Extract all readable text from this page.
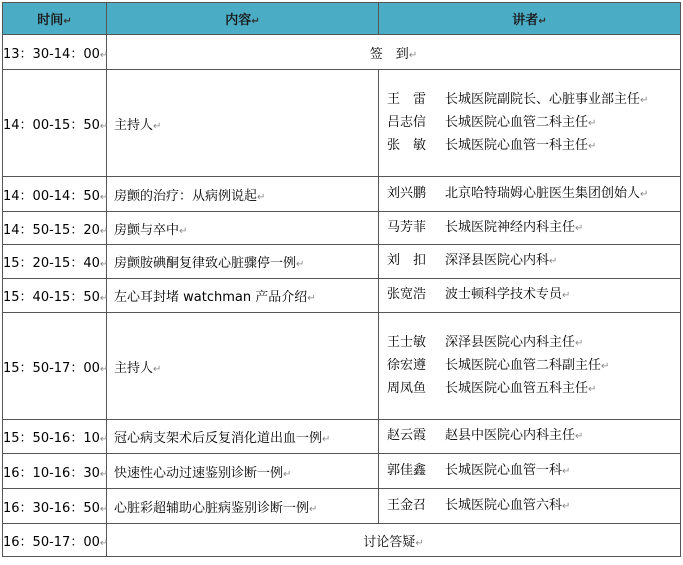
时间↵	内容↵	讲者↵
13：30-14：00↵	签　到↵	
14：00-15：50↵	主持人↵	王　雷 长城医院副院长、心脏事业部主任↵
吕志信 长城医院心血管二科主任↵
张　敏 长城医院心血管一科主任↵

14：00-14：50↵	房颤的治疗：从病例说起↵	刘兴鹏 北京哈特瑞姆心脏医生集团创始人↵
14：50-15：20↵	房颤与卒中↵	马芳菲 长城医院神经内科主任↵
15：20-15：40↵	房颤胺碘酮复律致心脏骤停一例↵	刘　扣 深泽县医院心内科↵
15：40-15：50↵	左心耳封堵 watchman 产品介绍↵	张宽浩 波士顿科学技术专员↵
15：50-17：00↵	主持人↵	王士敏 深泽县医院心内科主任↵
徐宏遵 长城医院心血管二科副主任↵
周凤鱼 长城医院心血管五科主任↵

15：50-16：10↵	冠心病支架术后反复消化道出血一例↵	赵云霞 赵县中医院心内科主任↵
16：10-16：30↵	快速性心动过速鉴别诊断一例↵	郭佳鑫 长城医院心血管一科↵
16：30-16：50↵	心脏彩超辅助心脏病鉴别诊断一例↵	王金召 长城医院心血管六科↵
16：50-17：00↵	讨论答疑↵	
